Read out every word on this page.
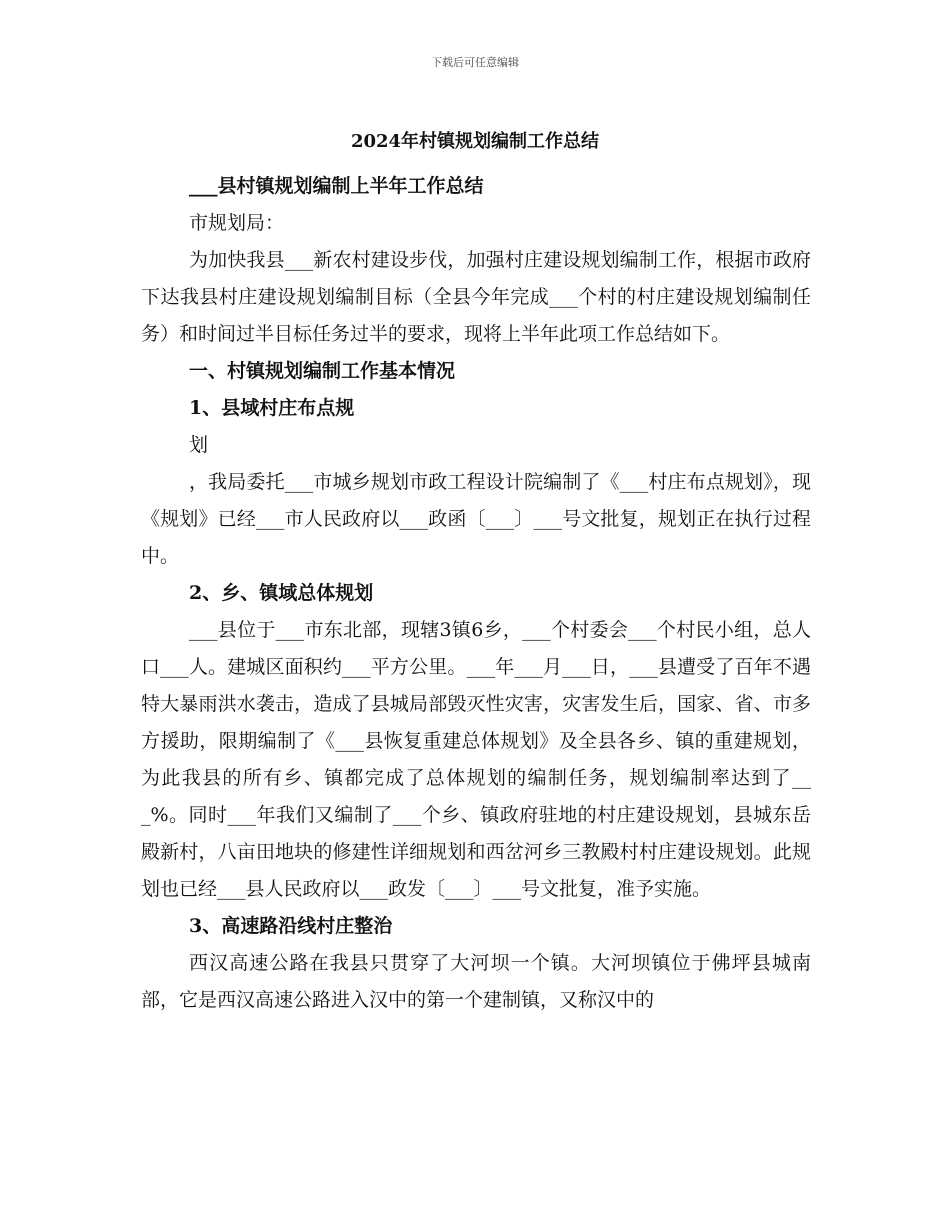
下载后可任意编辑
2024年村镇规划编制工作总结

___县村镇规划编制上半年工作总结

市规划局：

为加快我县___新农村建设步伐，加强村庄建设规划编制工作，根据市政府下达我县村庄建设规划编制目标（全县今年完成___个村的村庄建设规划编制任务）和时间过半目标任务过半的要求，现将上半年此项工作总结如下。

一、村镇规划编制工作基本情况

1、县域村庄布点规

划

，我局委托___市城乡规划市政工程设计院编制了《___村庄布点规划》，现《规划》已经___市人民政府以___政函〔___〕___号文批复，规划正在执行过程中。

2、乡、镇域总体规划

___县位于___市东北部，现辖3镇6乡，___个村委会___个村民小组，总人口___人。建城区面积约___平方公里。___年___月___日，___县遭受了百年不遇特大暴雨洪水袭击，造成了县城局部毁灭性灾害，灾害发生后，国家、省、市多方援助，限期编制了《___县恢复重建总体规划》及全县各乡、镇的重建规划，为此我县的所有乡、镇都完成了总体规划的编制任务，规划编制率达到了___%。同时___年我们又编制了___个乡、镇政府驻地的村庄建设规划，县城东岳殿新村，八亩田地块的修建性详细规划和西岔河乡三教殿村村庄建设规划。此规划也已经___县人民政府以___政发〔___〕___号文批复，准予实施。

3、高速路沿线村庄整治

西汉高速公路在我县只贯穿了大河坝一个镇。大河坝镇位于佛坪县城南部，它是西汉高速公路进入汉中的第一个建制镇，又称汉中的
